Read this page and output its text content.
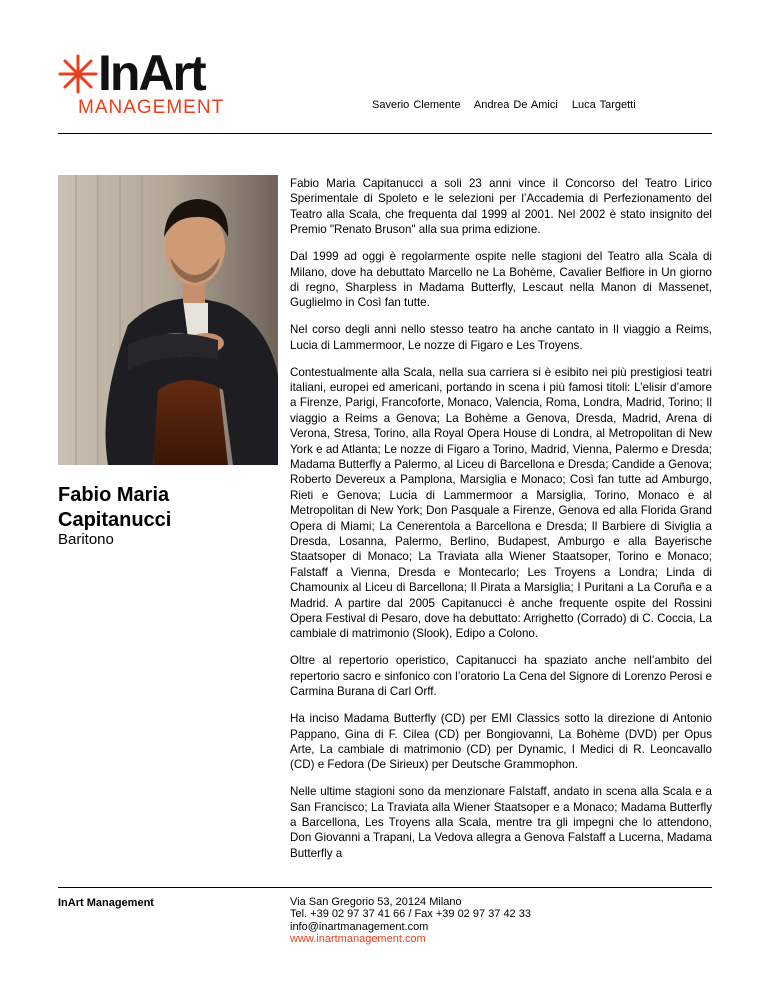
InArt
MANAGEMENT	Saverio Clemente Andrea De Amici Luca Targetti
Fabio Maria
Capitanucci
Baritono

Fabio Maria Capitanucci a soli 23 anni vince il Concorso del Teatro Lirico Sperimentale di Spoleto e le selezioni per l’Accademia di Perfezionamento del Teatro alla Scala, che frequenta dal 1999 al 2001. Nel 2002 è stato insignito del Premio "Renato Bruson" alla sua prima edizione.

Dal 1999 ad oggi è regolarmente ospite nelle stagioni del Teatro alla Scala di Milano, dove ha debuttato Marcello ne La Bohème, Cavalier Belfiore in Un giorno di regno, Sharpless in Madama Butterfly, Lescaut nella Manon di Massenet, Guglielmo in Così fan tutte.

Nel corso degli anni nello stesso teatro ha anche cantato in Il viaggio a Reims, Lucia di Lammermoor, Le nozze di Figaro e Les Troyens.

Contestualmente alla Scala, nella sua carriera si è esibito nei più prestigiosi teatri italiani, europei ed americani, portando in scena i più famosi titoli: L’elisir d’amore a Firenze, Parigi, Francoforte, Monaco, Valencia, Roma, Londra, Madrid, Torino; Il viaggio a Reims a Genova; La Bohème a Genova, Dresda, Madrid, Arena di Verona, Stresa, Torino, alla Royal Opera House di Londra, al Metropolitan di New York e ad Atlanta; Le nozze di Figaro a Torino, Madrid, Vienna, Palermo e Dresda; Madama Butterfly a Palermo, al Liceu di Barcellona e Dresda; Candide a Genova; Roberto Devereux a Pamplona, Marsiglia e Monaco; Così fan tutte ad Amburgo, Rieti e Genova; Lucia di Lammermoor a Marsiglia, Torino, Monaco e al Metropolitan di New York; Don Pasquale a Firenze, Genova ed alla Florida Grand Opera di Miami; La Cenerentola a Barcellona e Dresda; Il Barbiere di Siviglia a Dresda, Losanna, Palermo, Berlino, Budapest, Amburgo e alla Bayerische Staatsoper di Monaco; La Traviata alla Wiener Staatsoper, Torino e Monaco; Falstaff a Vienna, Dresda e Montecarlo; Les Troyens a Londra; Linda di Chamounix al Liceu di Barcellona; Il Pirata a Marsiglia; I Puritani a La Coruña e a Madrid. A partire dal 2005 Capitanucci è anche frequente ospite del Rossini Opera Festival di Pesaro, dove ha debuttato: Arrighetto (Corrado) di C. Coccia, La cambiale di matrimonio (Slook), Edipo a Colono.

Oltre al repertorio operistico, Capitanucci ha spaziato anche nell’ambito del repertorio sacro e sinfonico con l’oratorio La Cena del Signore di Lorenzo Perosi e Carmina Burana di Carl Orff.

Ha inciso Madama Butterfly (CD) per EMI Classics sotto la direzione di Antonio Pappano, Gina di F. Cilea (CD) per Bongiovanni, La Bohème (DVD) per Opus Arte, La cambiale di matrimonio (CD) per Dynamic, I Medici di R. Leoncavallo (CD) e Fedora (De Sirieux) per Deutsche Grammophon.

Nelle ultime stagioni sono da menzionare Falstaff, andato in scena alla Scala e a San Francisco; La Traviata alla Wiener Staatsoper e a Monaco; Madama Butterfly a Barcellona, Les Troyens alla Scala, mentre tra gli impegni che lo attendono, Don Giovanni a Trapani, La Vedova allegra a Genova Falstaff a Lucerna, Madama Butterfly a

InArt Management	Via San Gregorio 53, 20124 Milano
Tel. +39 02 97 37 41 66 / Fax +39 02 97 37 42 33
info@inartmanagement.com
www.inartmanagement.com
